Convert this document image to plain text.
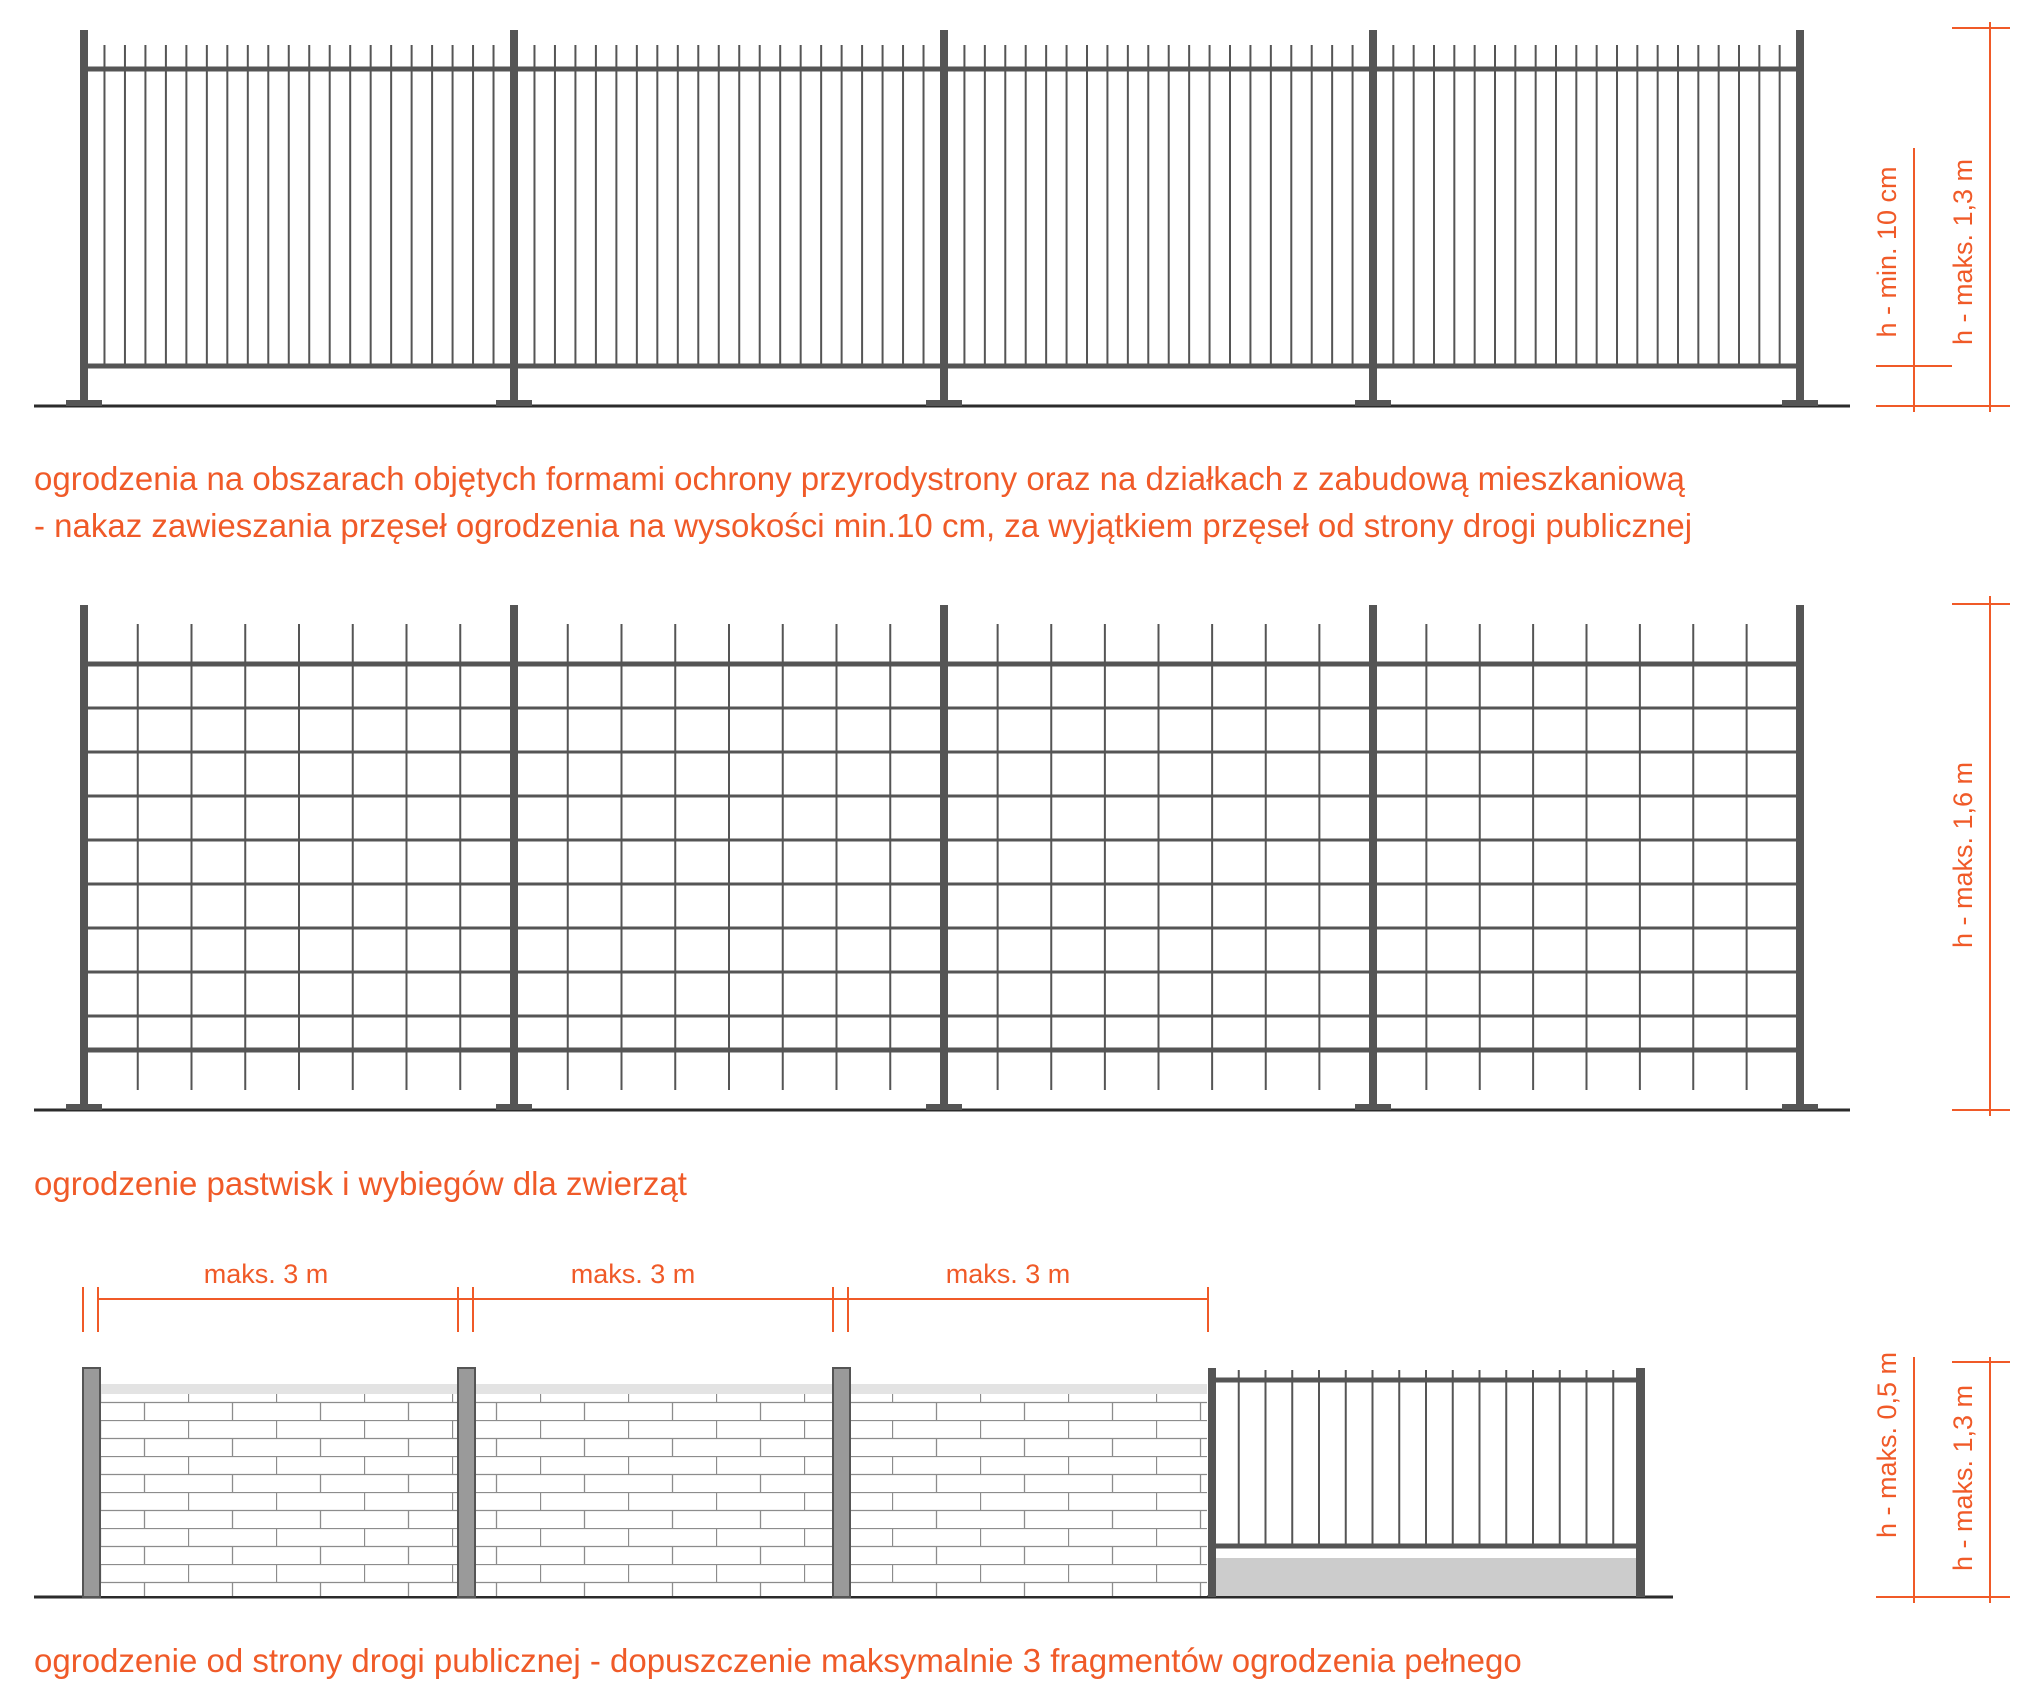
h - min. 10 cm h - maks. 1,3 m
h - maks. 1,6 m
h - maks. 0,5 m h - maks. 1,3 m
maks. 3 m	maks. 3 m	maks. 3 m

ogrodzenia na obszarach objętych formami ochrony przyrodystrony oraz na działkach z zabudową mieszkaniową

- nakaz zawieszania przęseł ogrodzenia na wysokości min.10 cm, za wyjątkiem przęseł od strony drogi publicznej

ogrodzenie pastwisk i wybiegów dla zwierząt

ogrodzenie od strony drogi publicznej - dopuszczenie maksymalnie 3 fragmentów ogrodzenia pełnego
